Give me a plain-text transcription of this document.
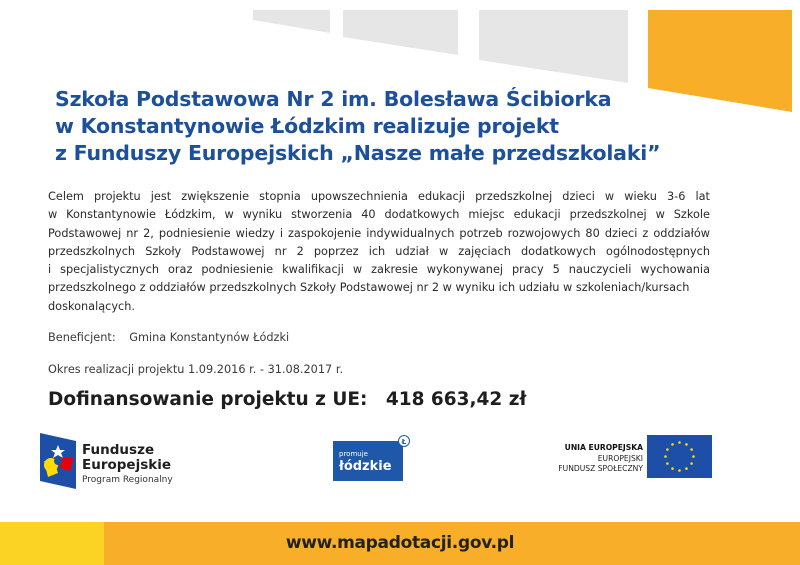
Szkoła Podstawowa Nr 2 im. Bolesława Ścibiorka
w Konstantynowie Łódzkim realizuje projekt
z Funduszy Europejskich „Nasze małe przedszkolaki”
Celem projektu jest zwiększenie stopnia upowszechnienia edukacji przedszkolnej dzieci w wieku 3-6 lat
w Konstantynowie Łódzkim, w wyniku stworzenia 40 dodatkowych miejsc edukacji przedszkolnej w Szkole
Podstawowej nr 2, podniesienie wiedzy i zaspokojenie indywidualnych potrzeb rozwojowych 80 dzieci z oddziałów
przedszkolnych Szkoły Podstawowej nr 2 poprzez ich udział w zajęciach dodatkowych ogólnodostępnych
i specjalistycznych oraz podniesienie kwalifikacji w zakresie wykonywanej pracy 5 nauczycieli wychowania
przedszkolnego z oddziałów przedszkolnych Szkoły Podstawowej nr 2 w wyniku ich udziału w szkoleniach/kursach
doskonalących.
Beneficjent: Gmina Konstantynów Łódzki
Okres realizacji projektu 1.09.2016 r. - 31.08.2017 r.
Dofinansowanie projektu z UE: 418 663,42 zł
Fundusze
Europejskie
Program Regionalny
promuje
łódzkie
Ł
UNIA EUROPEJSKA
EUROPEJSKI
FUNDUSZ SPOŁECZNY
www.mapadotacji.gov.pl
